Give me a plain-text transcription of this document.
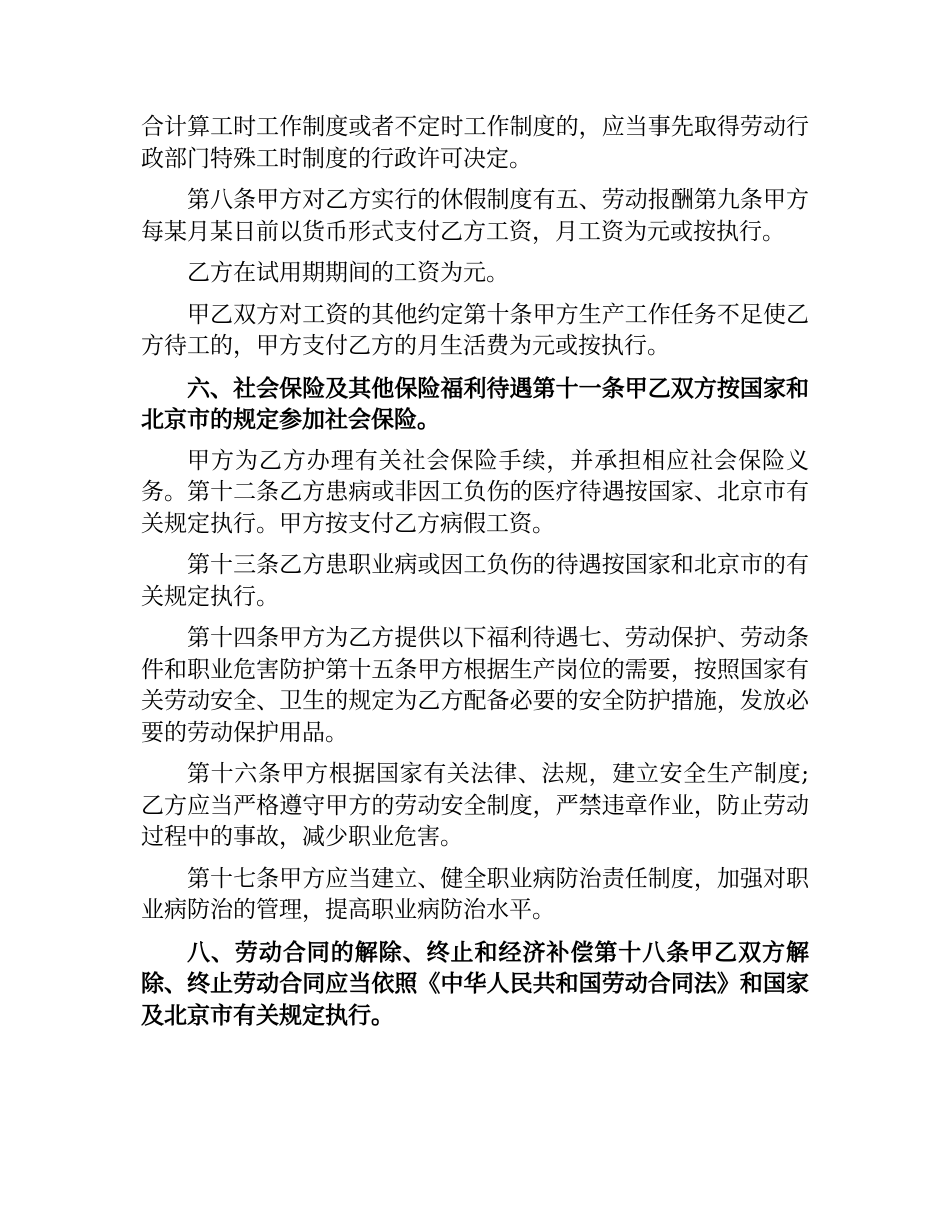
合计算工时工作制度或者不定时工作制度的，应当事先取得劳动行政部门特殊工时制度的行政许可决定。

第八条甲方对乙方实行的休假制度有五、劳动报酬第九条甲方每某月某日前以货币形式支付乙方工资，月工资为元或按执行。

乙方在试用期期间的工资为元。

甲乙双方对工资的其他约定第十条甲方生产工作任务不足使乙方待工的，甲方支付乙方的月生活费为元或按执行。

六、社会保险及其他保险福利待遇第十一条甲乙双方按国家和北京市的规定参加社会保险。

甲方为乙方办理有关社会保险手续，并承担相应社会保险义务。第十二条乙方患病或非因工负伤的医疗待遇按国家、北京市有关规定执行。甲方按支付乙方病假工资。

第十三条乙方患职业病或因工负伤的待遇按国家和北京市的有关规定执行。

第十四条甲方为乙方提供以下福利待遇七、劳动保护、劳动条件和职业危害防护第十五条甲方根据生产岗位的需要，按照国家有关劳动安全、卫生的规定为乙方配备必要的安全防护措施，发放必要的劳动保护用品。

第十六条甲方根据国家有关法律、法规，建立安全生产制度;乙方应当严格遵守甲方的劳动安全制度，严禁违章作业，防止劳动过程中的事故，减少职业危害。

第十七条甲方应当建立、健全职业病防治责任制度，加强对职业病防治的管理，提高职业病防治水平。

八、劳动合同的解除、终止和经济补偿第十八条甲乙双方解除、终止劳动合同应当依照《中华人民共和国劳动合同法》和国家及北京市有关规定执行。
